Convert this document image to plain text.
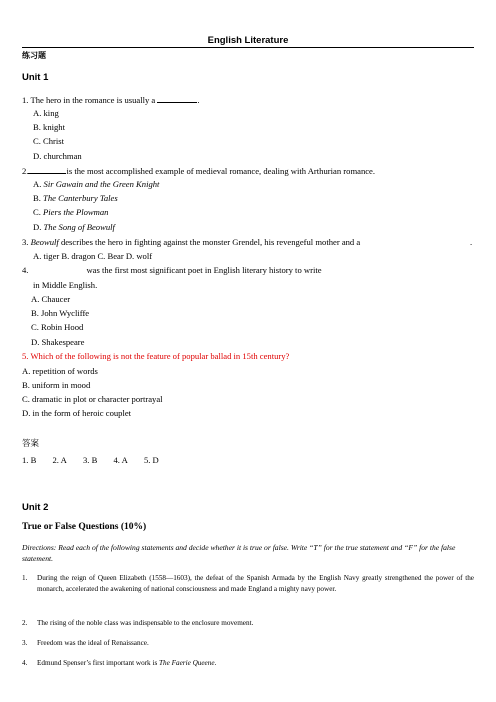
English Literature
练习题
Unit 1
1. The hero in the romance is usually a	.
A. king
B. knight
C. Christ
D. churchman
2.	is the most accomplished example of medieval romance, dealing with Arthurian romance.
A. Sir Gawain and the Green Knight
B. The Canterbury Tales
C. Piers the Plowman
D. The Song of Beowulf
3. Beowulf describes the hero in fighting against the monster Grendel, his revengeful mother and a	.
A. tiger B. dragon C. Bear D. wolf
4.	was the first most significant poet in English literary history to write
in Middle English.
A. Chaucer
B. John Wycliffe
C. Robin Hood
D. Shakespeare
5. Which of the following is not the feature of popular ballad in 15th century?
A. repetition of words
B. uniform in mood
C. dramatic in plot or character portrayal
D. in the form of heroic couplet
答案
1. B 2. A 3. B 4. A 5. D
Unit 2
True or False Questions (10%)
Directions: Read each of the following statements and decide whether it is true or false. Write “T” for the true statement and “F” for the false statement.
1. During the reign of Queen Elizabeth (1558—1603), the defeat of the Spanish Armada by the English Navy greatly strengthened the power of the monarch, accelerated the awakening of national consciousness and made England a mighty navy power.
2. The rising of the noble class was indispensable to the enclosure movement.
3. Freedom was the ideal of Renaissance.
4. Edmund Spenser’s first important work is The Faerie Queene.
